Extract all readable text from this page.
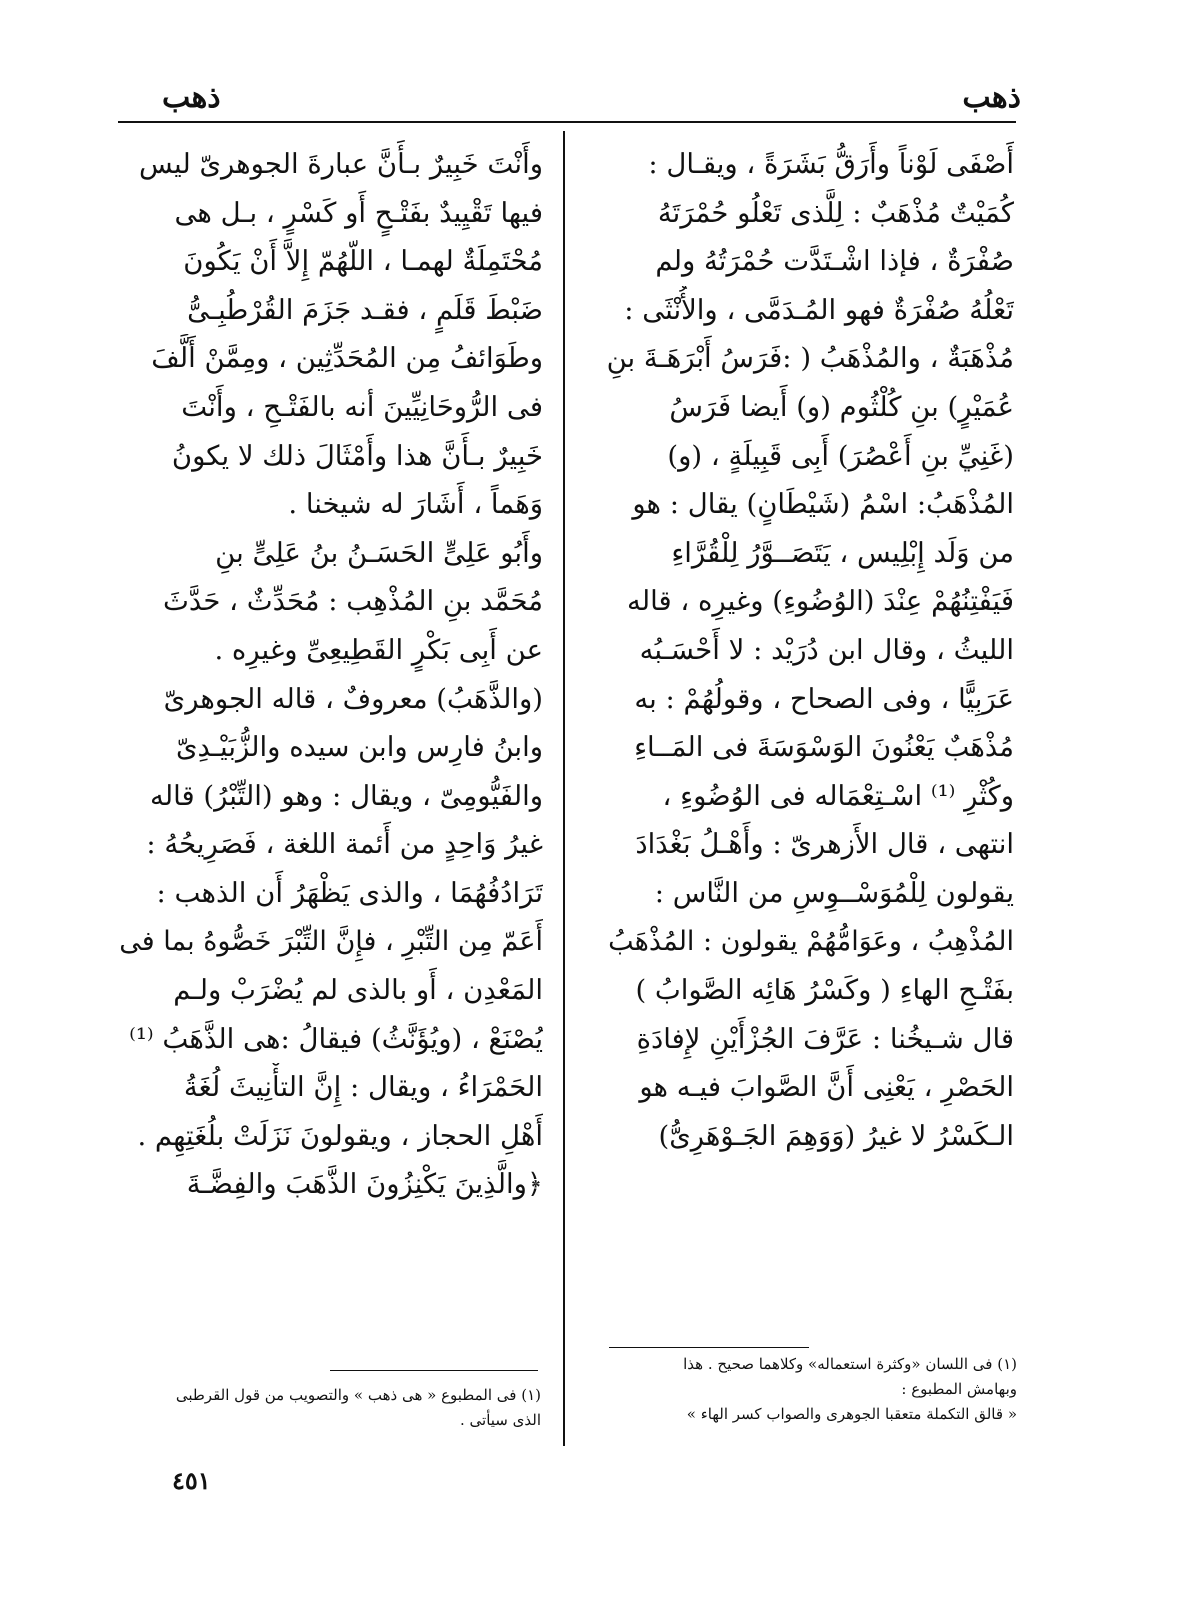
ذهب
ذهب
أَصْفَى لَوْناً وأَرَقُّ بَشَرَةً ، ويقـال :
كُمَيْتٌ مُذْهَبٌ : لِلَّذى تَعْلُو حُمْرَتَهُ
صُفْرَةٌ ، فإذا اشْـتَدَّت حُمْرَتُهُ ولم
تَعْلُهُ صُفْرَةٌ فهو المُـدَمَّى ، والأُنْثَى :
مُذْهَبَةٌ ، والمُذْهَبُ ( :فَرَسُ أَبْرَهَـةَ بنِ
عُمَيْرٍ) بنِ كُلْثُوم (و) أَيضا فَرَسُ
(غَنِيِّ بنِ أَعْصُرَ) أَبِى قَبِيلَةٍ ، (و)
المُذْهَبُ: اسْمُ (شَيْطَانٍ) يقال : هو
من وَلَد إِبْلِيس ، يَتَصَــوَّرُ لِلْقُرَّاءِ
فَيَفْتِنُهُمْ عِنْدَ (الوُضُوءِ) وغيرِه ، قاله
الليثُ ، وقال ابن دُرَيْد : لا أَحْسَـبُه
عَرَبِيًّا ، وفى الصحاح ، وقولُهُمْ : به
مُذْهَبٌ يَعْنُونَ الوَسْوَسَةَ فى المَــاءِ
وكُثْرِ ⁽¹⁾ اسْـتِعْمَاله فى الوُضُوءِ ،
انتهى ، قال الأَزهرىّ : وأَهْـلُ بَغْدَادَ
يقولون لِلْمُوَسْــوِسِ من النَّاس :
المُذْهِبُ ، وعَوَامُّهُمْ يقولون : المُذْهَبُ
بفَتْـحِ الهاءِ ( وكَسْرُ هَائِه الصَّوابُ )
قال شـيخُنا : عَرَّفَ الجُزْأَيْنِ لإِفادَةِ
الحَصْرِ ، يَعْنِى أَنَّ الصَّوابَ فيـه هو
الـكَسْرُ لا غيرُ (وَوَهِمَ الجَـوْهَرِىُّ)
وأَنْتَ خَبِيرٌ بـأَنَّ عبارةَ الجوهرىّ ليس
فيها تَقْيِيدٌ بفَتْـحٍ أَو كَسْرٍ ، بـل هى
مُحْتَمِلَةٌ لهمـا ، اللّهُمّ إِلاَّ أَنْ يَكُونَ
ضَبْطَ قَلَمٍ ، فقـد جَزَمَ القُرْطُبِـىُّ
وطَوَائفُ مِن المُحَدِّثِين ، ومِمَّنْ أَلَّفَ
فى الرُّوحَانِيِّينَ أنه بالفَتْـحِ ، وأَنْتَ
خَبِيرٌ بـأَنَّ هذا وأَمْثَالَ ذلك لا يكونُ
وَهَماً ، أَشَارَ له شيخنا .
وأَبُو عَلِىٍّ الحَسَـنُ بنُ عَلِىٍّ بنِ
مُحَمَّد بنِ المُذْهِب : مُحَدِّثٌ ، حَدَّثَ
عن أَبِى بَكْرٍ القَطِيعِىِّ وغيرِه .
(والذَّهَبُ) معروفٌ ، قاله الجوهرىّ
وابنُ فارِس وابن سيده والزُّبَيْـدِىّ
والفَيُّومِىّ ، ويقال : وهو (التِّبْرُ) قاله
غيرُ وَاحِدٍ من أَئمة اللغة ، فَصَرِيحُهُ :
تَرَادُفُهُمَا ، والذى يَظْهَرُ أَن الذهب :
أَعَمّ مِن التِّبْرِ ، فإِنَّ التِّبْرَ خَصُّوهُ بما فى
المَعْدِن ، أَو بالذى لم يُضْرَبْ ولـم
يُصْنَعْ ، (ويُؤَنَّثُ) فيقالُ :هى الذَّهَبُ ⁽¹⁾
الحَمْرَاءُ ، ويقال : إِنَّ التأْنِيثَ لُغَةُ
أَهْلِ الحجاز ، ويقولونَ نَزَلَتْ بلُغَتِهِم .
﴿والَّذِينَ يَكْنِزُونَ الذَّهَبَ والفِضَّـةَ
(١) فى اللسان «وكثرة استعماله» وكلاهما صحيح . هذا
وبهامش المطبوع :
« قالق التكملة متعقبا الجوهرى والصواب كسر الهاء »
(١) فى المطبوع « هى ذهب » والتصويب من قول القرطبى
الذى سيأتى .
٤٥١
